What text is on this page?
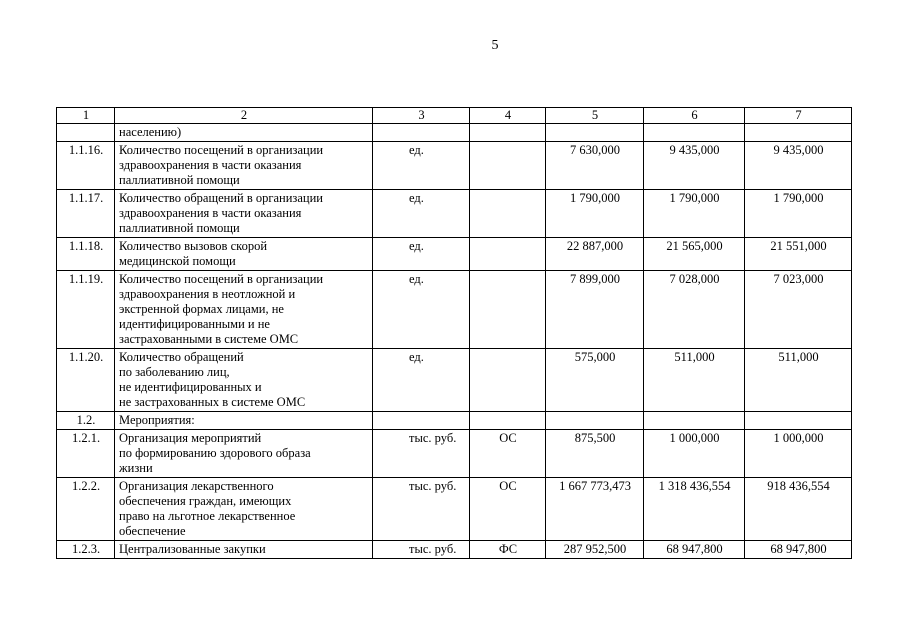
5
1	2	3	4	5	6	7

	населению)					

1.1.16.	Количество посещений в организации
здравоохранения в части оказания
паллиативной помощи	ед.		7 630,000	9 435,000	9 435,000
1.1.17.	Количество обращений в организации
здравоохранения в части оказания
паллиативной помощи	ед.		1 790,000	1 790,000	1 790,000
1.1.18.	Количество вызовов скорой
медицинской помощи	ед.		22 887,000	21 565,000	21 551,000
1.1.19.	Количество посещений в организации
здравоохранения в неотложной и
экстренной формах лицами, не
идентифицированными и не
застрахованными в системе ОМС	ед.		7 899,000	7 028,000	7 023,000
1.1.20.	Количество обращений
по заболеванию лиц,
не идентифицированных и
не застрахованных в системе ОМС	ед.		575,000	511,000	511,000
1.2.	Мероприятия:					

1.2.1.	Организация мероприятий
по формированию здорового образа
жизни	тыс. руб.	ОС	875,500	1 000,000	1 000,000
1.2.2.	Организация лекарственного
обеспечения граждан, имеющих
право на льготное лекарственное
обеспечение	тыс. руб.	ОС	1 667 773,473	1 318 436,554	918 436,554
1.2.3.	Централизованные закупки	тыс. руб.	ФС	287 952,500	68 947,800	68 947,800
